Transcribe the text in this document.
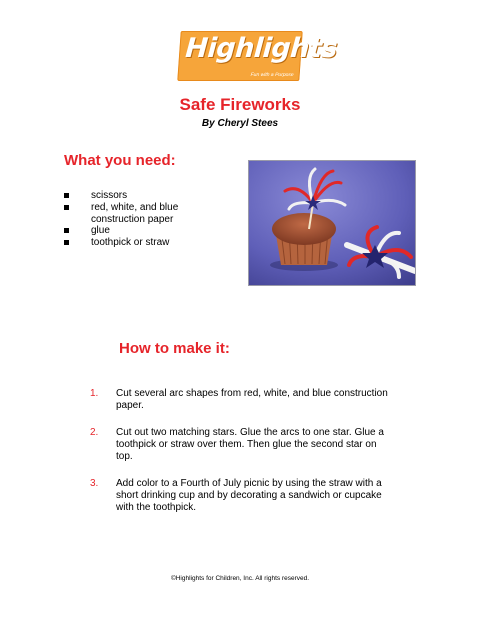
Highlights
Fun with a Purpose
Safe Fireworks
By Cheryl Stees
What you need:
scissors
red, white, and blue construction paper
glue
toothpick or straw
How to make it:
1. Cut several arc shapes from red, white, and blue construction paper.
2. Cut out two matching stars. Glue the arcs to one star. Glue a toothpick or straw over them. Then glue the second star on top.
3. Add color to a Fourth of July picnic by using the straw with a short drinking cup and by decorating a sandwich or cupcake with the toothpick.
©Highlights for Children, Inc. All rights reserved.
